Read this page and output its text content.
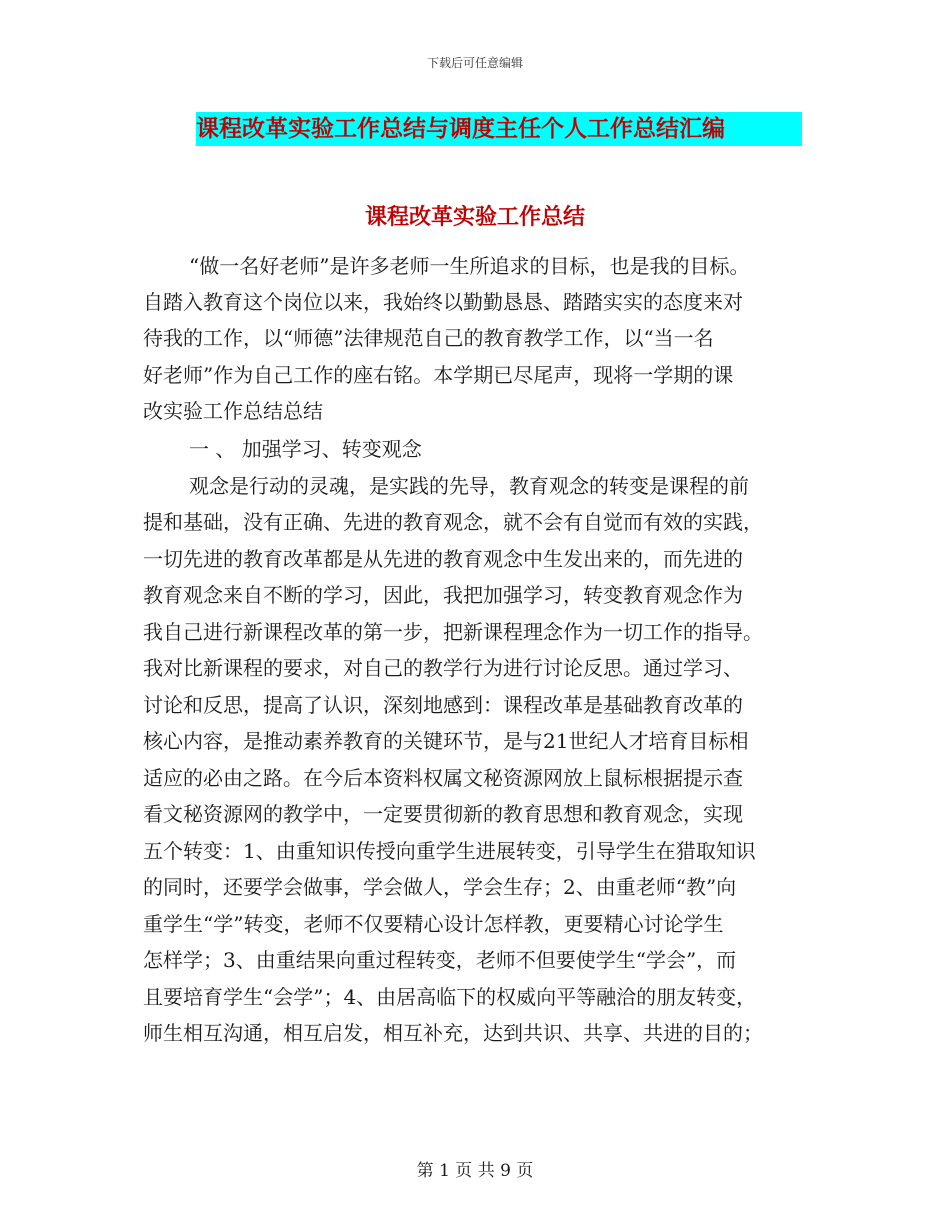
下载后可任意编辑
课程改革实验工作总结与调度主任个人工作总结汇编
课程改革实验工作总结
“做一名好老师”是许多老师一生所追求的目标，也是我的目标。
自踏入教育这个岗位以来，我始终以勤勤恳恳、踏踏实实的态度来对
待我的工作，以“师德”法律规范自己的教育教学工作，以“当一名
好老师”作为自己工作的座右铭。本学期已尽尾声，现将一学期的课
改实验工作总结总结
一 、 加强学习、转变观念
观念是行动的灵魂，是实践的先导，教育观念的转变是课程的前
提和基础，没有正确、先进的教育观念，就不会有自觉而有效的实践，
一切先进的教育改革都是从先进的教育观念中生发出来的，而先进的
教育观念来自不断的学习，因此，我把加强学习，转变教育观念作为
我自己进行新课程改革的第一步，把新课程理念作为一切工作的指导。
我对比新课程的要求，对自己的教学行为进行讨论反思。通过学习、
讨论和反思，提高了认识，深刻地感到：课程改革是基础教育改革的
核心内容，是推动素养教育的关键环节，是与21世纪人才培育目标相
适应的必由之路。在今后本资料权属文秘资源网放上鼠标根据提示查
看文秘资源网的教学中，一定要贯彻新的教育思想和教育观念，实现
五个转变：1、由重知识传授向重学生进展转变，引导学生在猎取知识
的同时，还要学会做事，学会做人，学会生存；2、由重老师“教”向
重学生“学”转变，老师不仅要精心设计怎样教，更要精心讨论学生
怎样学；3、由重结果向重过程转变，老师不但要使学生“学会”，而
且要培育学生“会学”；4、由居高临下的权威向平等融洽的朋友转变，
师生相互沟通，相互启发，相互补充，达到共识、共享、共进的目的；
第 1 页 共 9 页
